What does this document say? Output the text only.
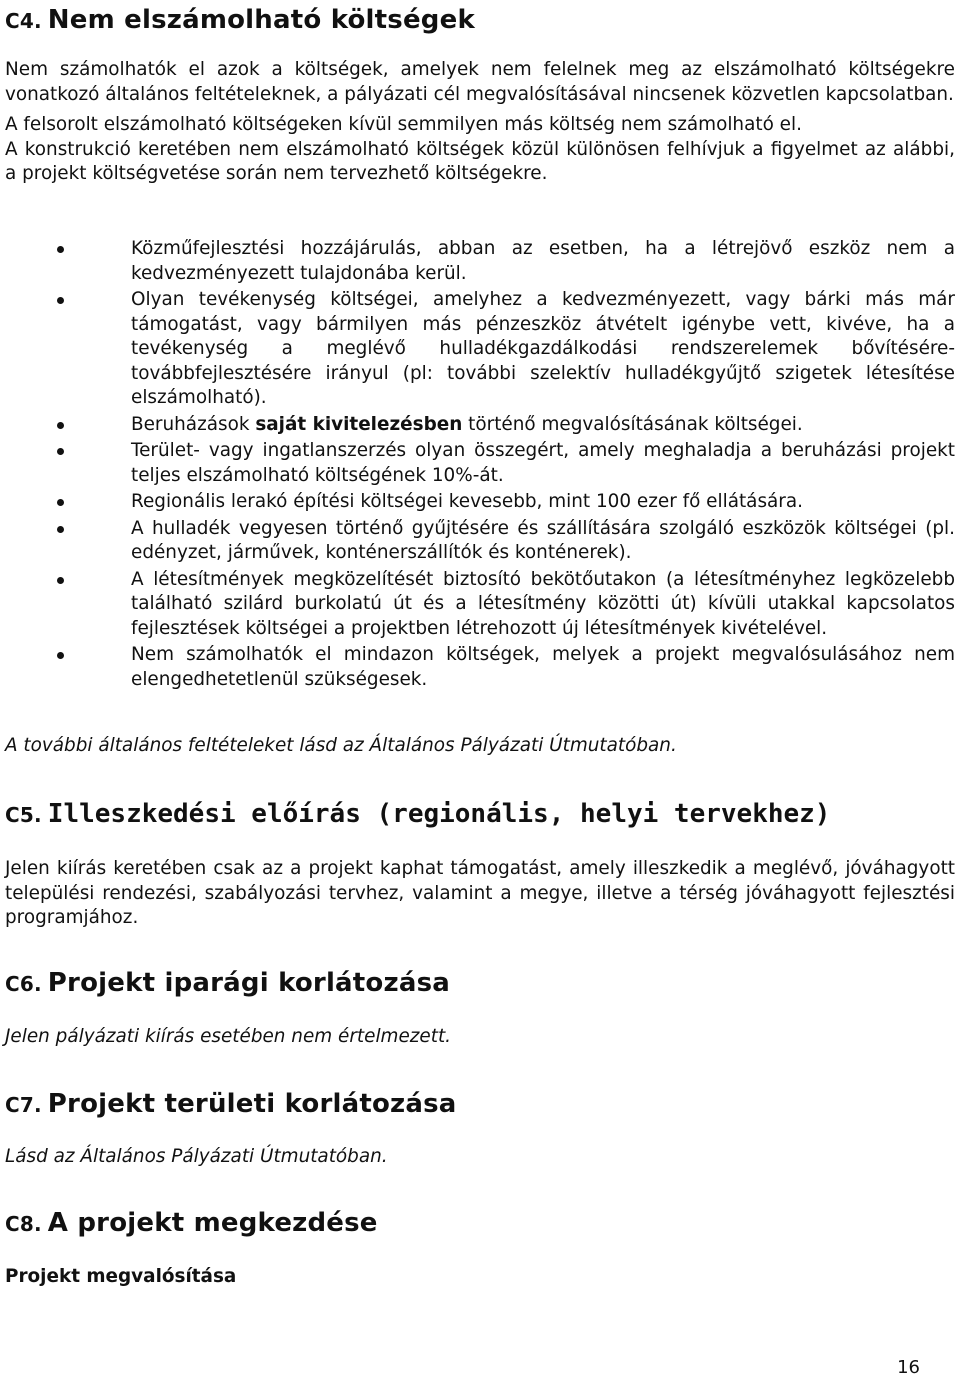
C4. Nem elszámolható költségek

Nem számolhatók el azok a költségek, amelyek nem felelnek meg az elszámolható költségekre vonatkozó általános feltételeknek, a pályázati cél megvalósításával nincsenek közvetlen kapcsolatban.

A felsorolt elszámolható költségeken kívül semmilyen más költség nem számolható el.

A konstrukció keretében nem elszámolható költségek közül különösen felhívjuk a figyelmet az alábbi, a projekt költségvetése során nem tervezhető költségekre.

Közműfejlesztési hozzájárulás, abban az esetben, ha a létrejövő eszköz nem a kedvezményezett tulajdonába kerül.
Olyan tevékenység költségei, amelyhez a kedvezményezett, vagy bárki más már támogatást, vagy bármilyen más pénzeszköz átvételt igénybe vett, kivéve, ha a tevékenység a meglévő hulladékgazdálkodási rendszerelemek bővítésére-továbbfejlesztésére irányul (pl: további szelektív hulladékgyűjtő szigetek létesítése elszámolható).
Beruházások saját kivitelezésben történő megvalósításának költségei.
Terület- vagy ingatlanszerzés olyan összegért, amely meghaladja a beruházási projekt teljes elszámolható költségének 10%-át.
Regionális lerakó építési költségei kevesebb, mint 100 ezer fő ellátására.
A hulladék vegyesen történő gyűjtésére és szállítására szolgáló eszközök költségei (pl. edényzet, járművek, konténerszállítók és konténerek).
A létesítmények megközelítését biztosító bekötőutakon (a létesítményhez legközelebb található szilárd burkolatú út és a létesítmény közötti út) kívüli utakkal kapcsolatos fejlesztések költségei a projektben létrehozott új létesítmények kivételével.
Nem számolhatók el mindazon költségek, melyek a projekt megvalósulásához nem elengedhetetlenül szükségesek.

A további általános feltételeket lásd az Általános Pályázati Útmutatóban.

C5. Illeszkedési előírás (regionális, helyi tervekhez)

Jelen kiírás keretében csak az a projekt kaphat támogatást, amely illeszkedik a meglévő, jóváhagyott települési rendezési, szabályozási tervhez, valamint a megye, illetve a térség jóváhagyott fejlesztési programjához.

C6. Projekt iparági korlátozása

Jelen pályázati kiírás esetében nem értelmezett.

C7. Projekt területi korlátozása

Lásd az Általános Pályázati Útmutatóban.

C8. A projekt megkezdése

Projekt megvalósítása

16
